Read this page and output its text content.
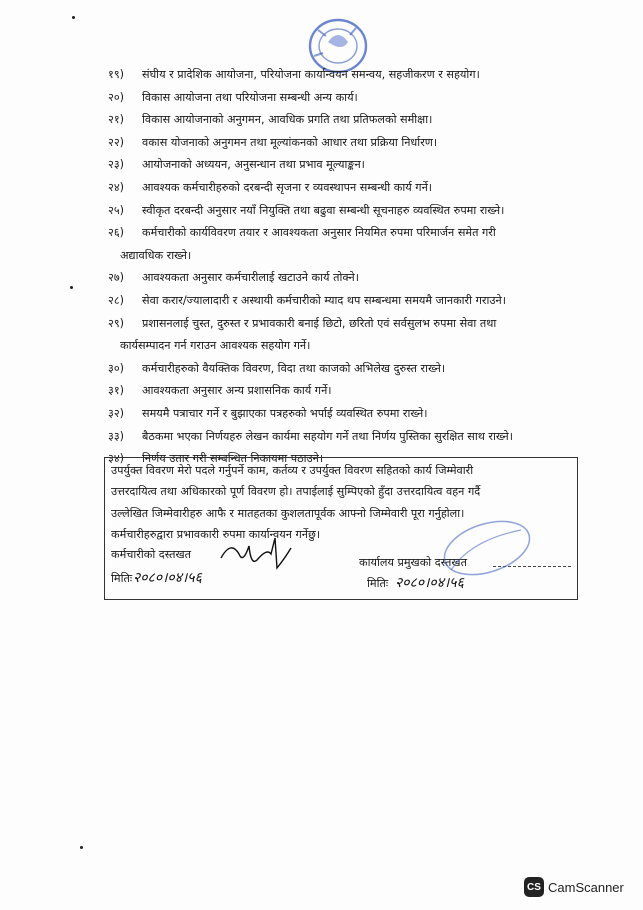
१९)	संघीय र प्रादेशिक आयोजना, परियोजना कार्यान्वयन समन्वय, सहजीकरण र सहयोग।
२०)	विकास आयोजना तथा परियोजना सम्बन्धी अन्य कार्य।
२१)	विकास आयोजनाको अनुगमन, आवधिक प्रगति तथा प्रतिफलको समीक्षा।
२२)	वकास योजनाको अनुगमन तथा मूल्यांकनको आधार तथा प्रक्रिया निर्धारण।
२३)	आयोजनाको अध्ययन, अनुसन्धान तथा प्रभाव मूल्याङ्कन।
२४)	आवश्यक कर्मचारीहरुको दरबन्दी सृजना र व्यवस्थापन सम्बन्धी कार्य गर्ने।
२५)	स्वीकृत दरबन्दी अनुसार नयाँ नियुक्ति तथा बढुवा सम्बन्धी सूचनाहरु व्यवस्थित रुपमा राख्ने।
२६)	कर्मचारीको कार्यविवरण तयार र आवश्यकता अनुसार नियमित रुपमा परिमार्जन समेत गरी
अद्यावधिक राख्ने।
२७)	आवश्यकता अनुसार कर्मचारीलाई खटाउने कार्य तोक्ने।
२८)	सेवा करार/ज्यालादारी र अस्थायी कर्मचारीको म्याद थप सम्बन्धमा समयमै जानकारी गराउने।
२९)	प्रशासनलाई चुस्त, दुरुस्त र प्रभावकारी बनाई छिटो, छरितो एवं सर्वसुलभ रुपमा सेवा तथा
कार्यसम्पादन गर्न गराउन आवश्यक सहयोग गर्ने।
३०)	कर्मचारीहरुको वैयक्तिक विवरण, विदा तथा काजको अभिलेख दुरुस्त राख्ने।
३१)	आवश्यकता अनुसार अन्य प्रशासनिक कार्य गर्ने।
३२)	समयमै पत्राचार गर्ने र बुझाएका पत्रहरुको भर्पाई व्यवस्थित रुपमा राख्ने।
३३)	बैठकमा भएका निर्णयहरु लेखन कार्यमा सहयोग गर्ने तथा निर्णय पुस्तिका सुरक्षित साथ राख्ने।
३४)	निर्णय उतार गरी सम्बन्धित निकायमा पठाउने।
उपर्युक्त विवरण मेरो पदले गर्नुपर्ने काम, कर्तव्य र उपर्युक्त विवरण सहितको कार्य जिम्मेवारी
उत्तरदायित्व तथा अधिकारको पूर्ण विवरण हो। तपाईलाई सुम्पिएको हुँदा उत्तरदायित्व वहन गर्दै
उल्लेखित जिम्मेवारीहरु आफै र मातहतका कुशलतापूर्वक आफ्नो जिम्मेवारी पूरा गर्नुहोला।
कर्मचारीहरुद्वारा प्रभावकारी रुपमा कार्यान्वयन गर्नेछु।
कर्मचारीको दस्तखत
मितिः २०८०।०४।५६
कार्यालय प्रमुखको दस्तखत
मितिः २०८०।०४।५६
CS CamScanner
